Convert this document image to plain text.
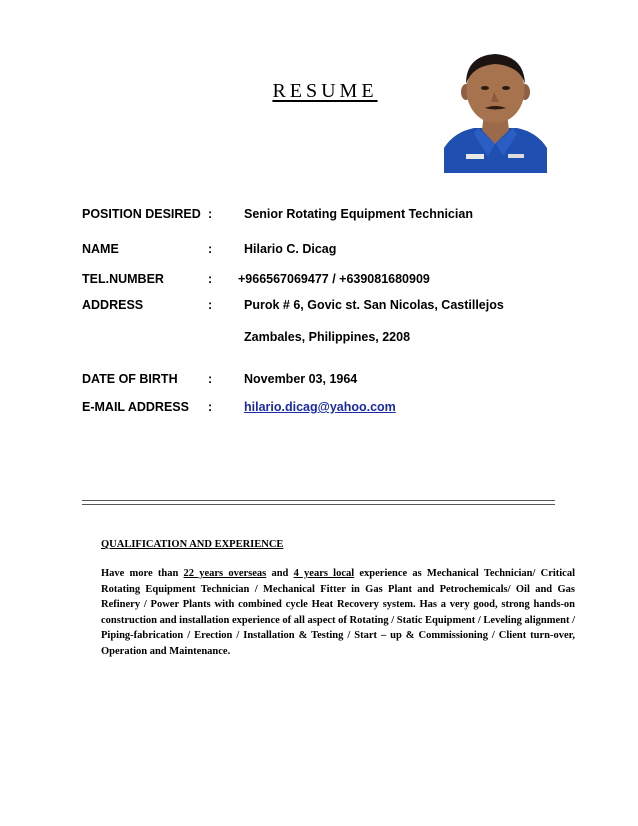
RESUME
POSITION DESIRED :	Senior Rotating Equipment Technician
NAME	:	Hilario C. Dicag
TEL.NUMBER	: +966567069477 / +639081680909
ADDRESS	:	Purok # 6, Govic st. San Nicolas, Castillejos
Zambales, Philippines, 2208
DATE OF BIRTH :	November 03, 1964
E-MAIL ADDRESS :	hilario.dicag@yahoo.com
QUALIFICATION AND EXPERIENCE
Have more than 22 years overseas and 4 years local experience as Mechanical Technician/ Critical Rotating Equipment Technician / Mechanical Fitter in Gas Plant and Petrochemicals/ Oil and Gas Refinery / Power Plants with combined cycle Heat Recovery system. Has a very good, strong hands-on construction and installation experience of all aspect of Rotating / Static Equipment / Leveling alignment / Piping-fabrication / Erection / Installation & Testing / Start – up & Commissioning / Client turn-over, Operation and Maintenance.
